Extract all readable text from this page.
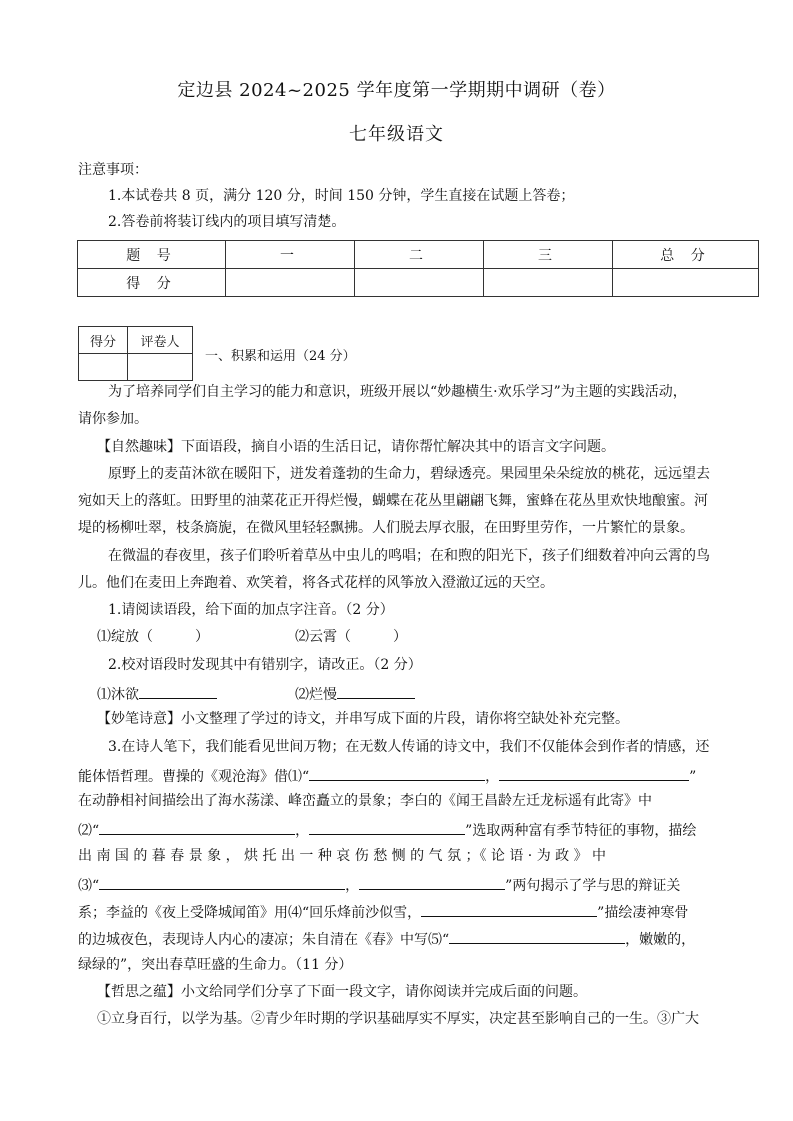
定边县 2024~2025 学年度第一学期期中调研（卷）
七年级语文
注意事项：
1.本试卷共 8 页，满分 120 分，时间 150 分钟，学生直接在试题上答卷；
2.答卷前将装订线内的项目填写清楚。
题 号	一	二	三	总 分
得 分				
得分	评卷人

一、积累和运用（24 分）
为了培养同学们自主学习的能力和意识，班级开展以“妙趣横生·欢乐学习”为主题的实践活动，
请你参加。
【自然趣味】下面语段，摘自小语的生活日记，请你帮忙解决其中的语言文字问题。
原野上的麦苗沐欲在暖阳下，迸发着蓬勃的生命力，碧绿透亮。果园里朵朵绽放的桃花，远远望去
宛如天上的落虹。田野里的油菜花正开得烂慢，蝴蝶在花丛里翩翩飞舞，蜜蜂在花丛里欢快地酿蜜。河
堤的杨柳吐翠，枝条旖旎，在微风里轻轻飘拂。人们脱去厚衣服，在田野里劳作，一片繁忙的景象。
在微温的春夜里，孩子们聆听着草丛中虫儿的鸣唱；在和煦的阳光下，孩子们细数着冲向云霄的鸟
儿。他们在麦田上奔跑着、欢笑着，将各式花样的风筝放入澄澈辽远的天空。
1.请阅读语段，给下面的加点字注音。（2 分）
⑴绽放（　　　）	⑵云霄（　　　）
2.校对语段时发现其中有错别字，请改正。（2 分）
⑴沐欲	⑵烂慢
【妙笔诗意】小文整理了学过的诗文，并串写成下面的片段，请你将空缺处补充完整。
3.在诗人笔下，我们能看见世间万物；在无数人传诵的诗文中，我们不仅能体会到作者的情感，还
能体悟哲理。曹操的《观沧海》借⑴“	，	”
在动静相衬间描绘出了海水荡漾、峰峦矗立的景象；李白的《闻王昌龄左迁龙标遥有此寄》中
⑵“	，	”选取两种富有季节特征的事物，描绘
出 南 国 的 暮 春 景 象 ， 烘 托 出 一 种 哀 伤 愁 恻 的 气 氛 ；《 论 语 · 为 政 》 中
⑶“	，	”两句揭示了学与思的辩证关
系；李益的《夜上受降城闻笛》用⑷“回乐烽前沙似雪，	”描绘凄神寒骨
的边城夜色，表现诗人内心的凄凉；朱自清在《春》中写⑸“	，嫩嫩的，
绿绿的”，突出春草旺盛的生命力。（11 分）
【哲思之蕴】小文给同学们分享了下面一段文字，请你阅读并完成后面的问题。
①立身百行，以学为基。②青少年时期的学识基础厚实不厚实，决定甚至影响自己的一生。③广大
